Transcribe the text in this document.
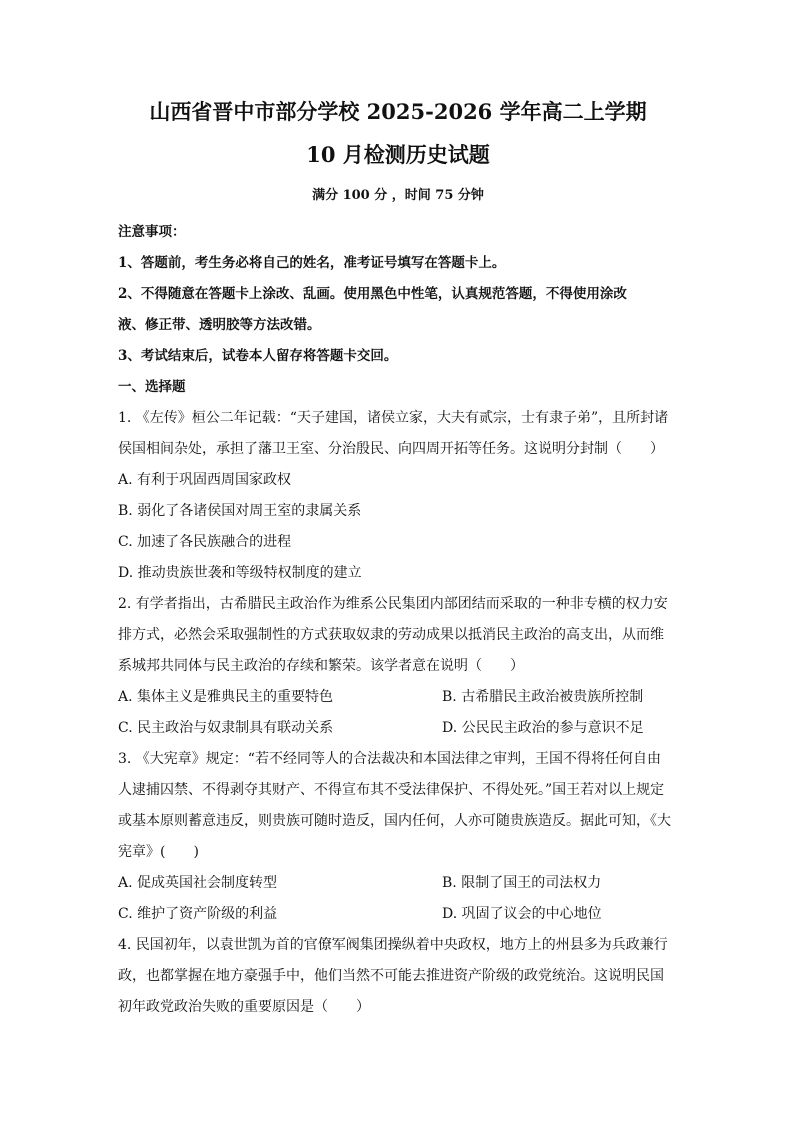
山西省晋中市部分学校 2025-2026 学年高二上学期
10 月检测历史试题
满分 100 分 ，时间 75 分钟

注意事项：

1、答题前，考生务必将自己的姓名，准考证号填写在答题卡上。

2、不得随意在答题卡上涂改、乱画。使用黑色中性笔，认真规范答题，不得使用涂改

液、修正带、透明胶等方法改错。

3、考试结束后，试卷本人留存将答题卡交回。

一、选择题

1. 《左传》桓公二年记载：“天子建国，诸侯立家，大夫有贰宗，士有隶子弟”，且所封诸

侯国相间杂处，承担了藩卫王室、分治殷民、向四周开拓等任务。这说明分封制（　　）

A. 有利于巩固西周国家政权

B. 弱化了各诸侯国对周王室的隶属关系

C. 加速了各民族融合的进程

D. 推动贵族世袭和等级特权制度的建立

2. 有学者指出，古希腊民主政治作为维系公民集团内部团结而采取的一种非专横的权力安

排方式，必然会采取强制性的方式获取奴隶的劳动成果以抵消民主政治的高支出，从而维

系城邦共同体与民主政治的存续和繁荣。该学者意在说明（　　）

A. 集体主义是雅典民主的重要特色	B. 古希腊民主政治被贵族所控制
C. 民主政治与奴隶制具有联动关系	D. 公民民主政治的参与意识不足

3. 《大宪章》规定：“若不经同等人的合法裁决和本国法律之审判，王国不得将任何自由

人逮捕囚禁、不得剥夺其财产、不得宣布其不受法律保护、不得处死。”国王若对以上规定

或基本原则蓄意违反，则贵族可随时造反，国内任何，人亦可随贵族造反。据此可知，《大

宪章》(　　)

A. 促成英国社会制度转型	B. 限制了国王的司法权力
C. 维护了资产阶级的利益	D. 巩固了议会的中心地位

4. 民国初年，以袁世凯为首的官僚军阀集团操纵着中央政权，地方上的州县多为兵政兼行

政，也都掌握在地方豪强手中，他们当然不可能去推进资产阶级的政党统治。这说明民国

初年政党政治失败的重要原因是（　　）
